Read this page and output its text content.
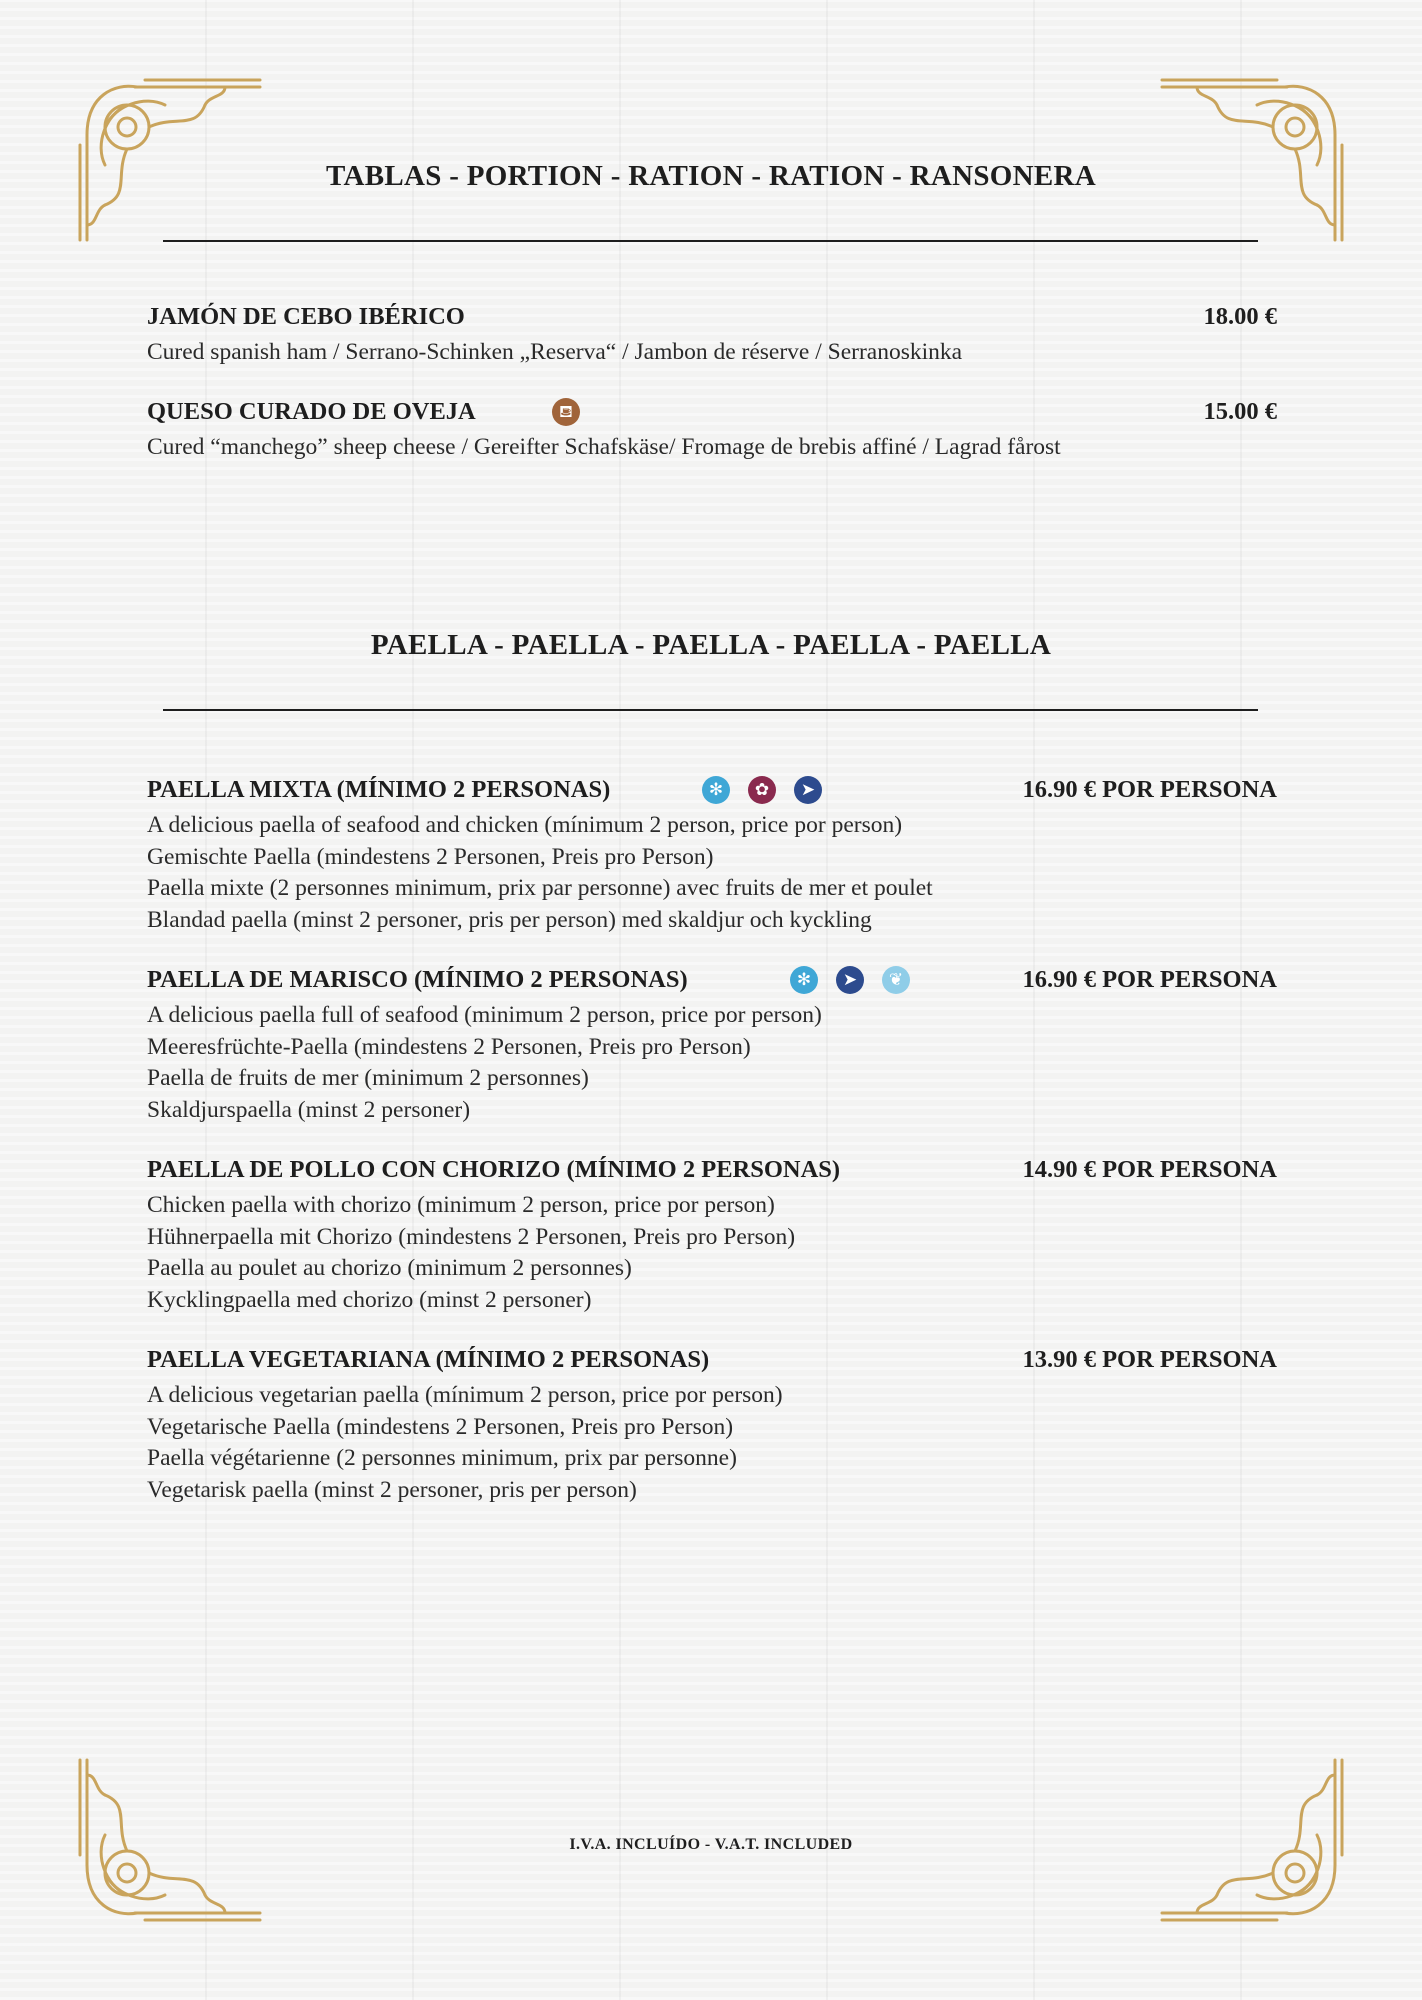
TABLAS - PORTION - RATION - RATION - RANSONERA
JAMÓN DE CEBO IBÉRICO	18.00 €
Cured spanish ham / Serrano-Schinken „Reserva“ / Jambon de réserve / Serranoskinka
QUESO CURADO DE OVEJA	⛾	15.00 €
Cured “manchego” sheep cheese / Gereifter Schafskäse/ Fromage de brebis affiné / Lagrad fårost
PAELLA - PAELLA - PAELLA - PAELLA - PAELLA
PAELLA MIXTA (MÍNIMO 2 PERSONAS)	✻	✿	➤	16.90 € POR PERSONA
A delicious paella of seafood and chicken (mínimum 2 person, price por person)
Gemischte Paella (mindestens 2 Personen, Preis pro Person)
Paella mixte (2 personnes minimum, prix par personne) avec fruits de mer et poulet
Blandad paella (minst 2 personer, pris per person) med skaldjur och kyckling
PAELLA DE MARISCO (MÍNIMO 2 PERSONAS)	✻	➤	❦	16.90 € POR PERSONA
A delicious paella full of seafood (minimum 2 person, price por person)
Meeresfrüchte-Paella (mindestens 2 Personen, Preis pro Person)
Paella de fruits de mer (minimum 2 personnes)
Skaldjurspaella (minst 2 personer)
PAELLA DE POLLO CON CHORIZO (MÍNIMO 2 PERSONAS)	14.90 € POR PERSONA
Chicken paella with chorizo (minimum 2 person, price por person)
Hühnerpaella mit Chorizo (mindestens 2 Personen, Preis pro Person)
Paella au poulet au chorizo (minimum 2 personnes)
Kycklingpaella med chorizo (minst 2 personer)
PAELLA VEGETARIANA (MÍNIMO 2 PERSONAS)	13.90 € POR PERSONA
A delicious vegetarian paella (mínimum 2 person, price por person)
Vegetarische Paella (mindestens 2 Personen, Preis pro Person)
Paella végétarienne (2 personnes minimum, prix par personne)
Vegetarisk paella (minst 2 personer, pris per person)
I.V.A. INCLUÍDO - V.A.T. INCLUDED
